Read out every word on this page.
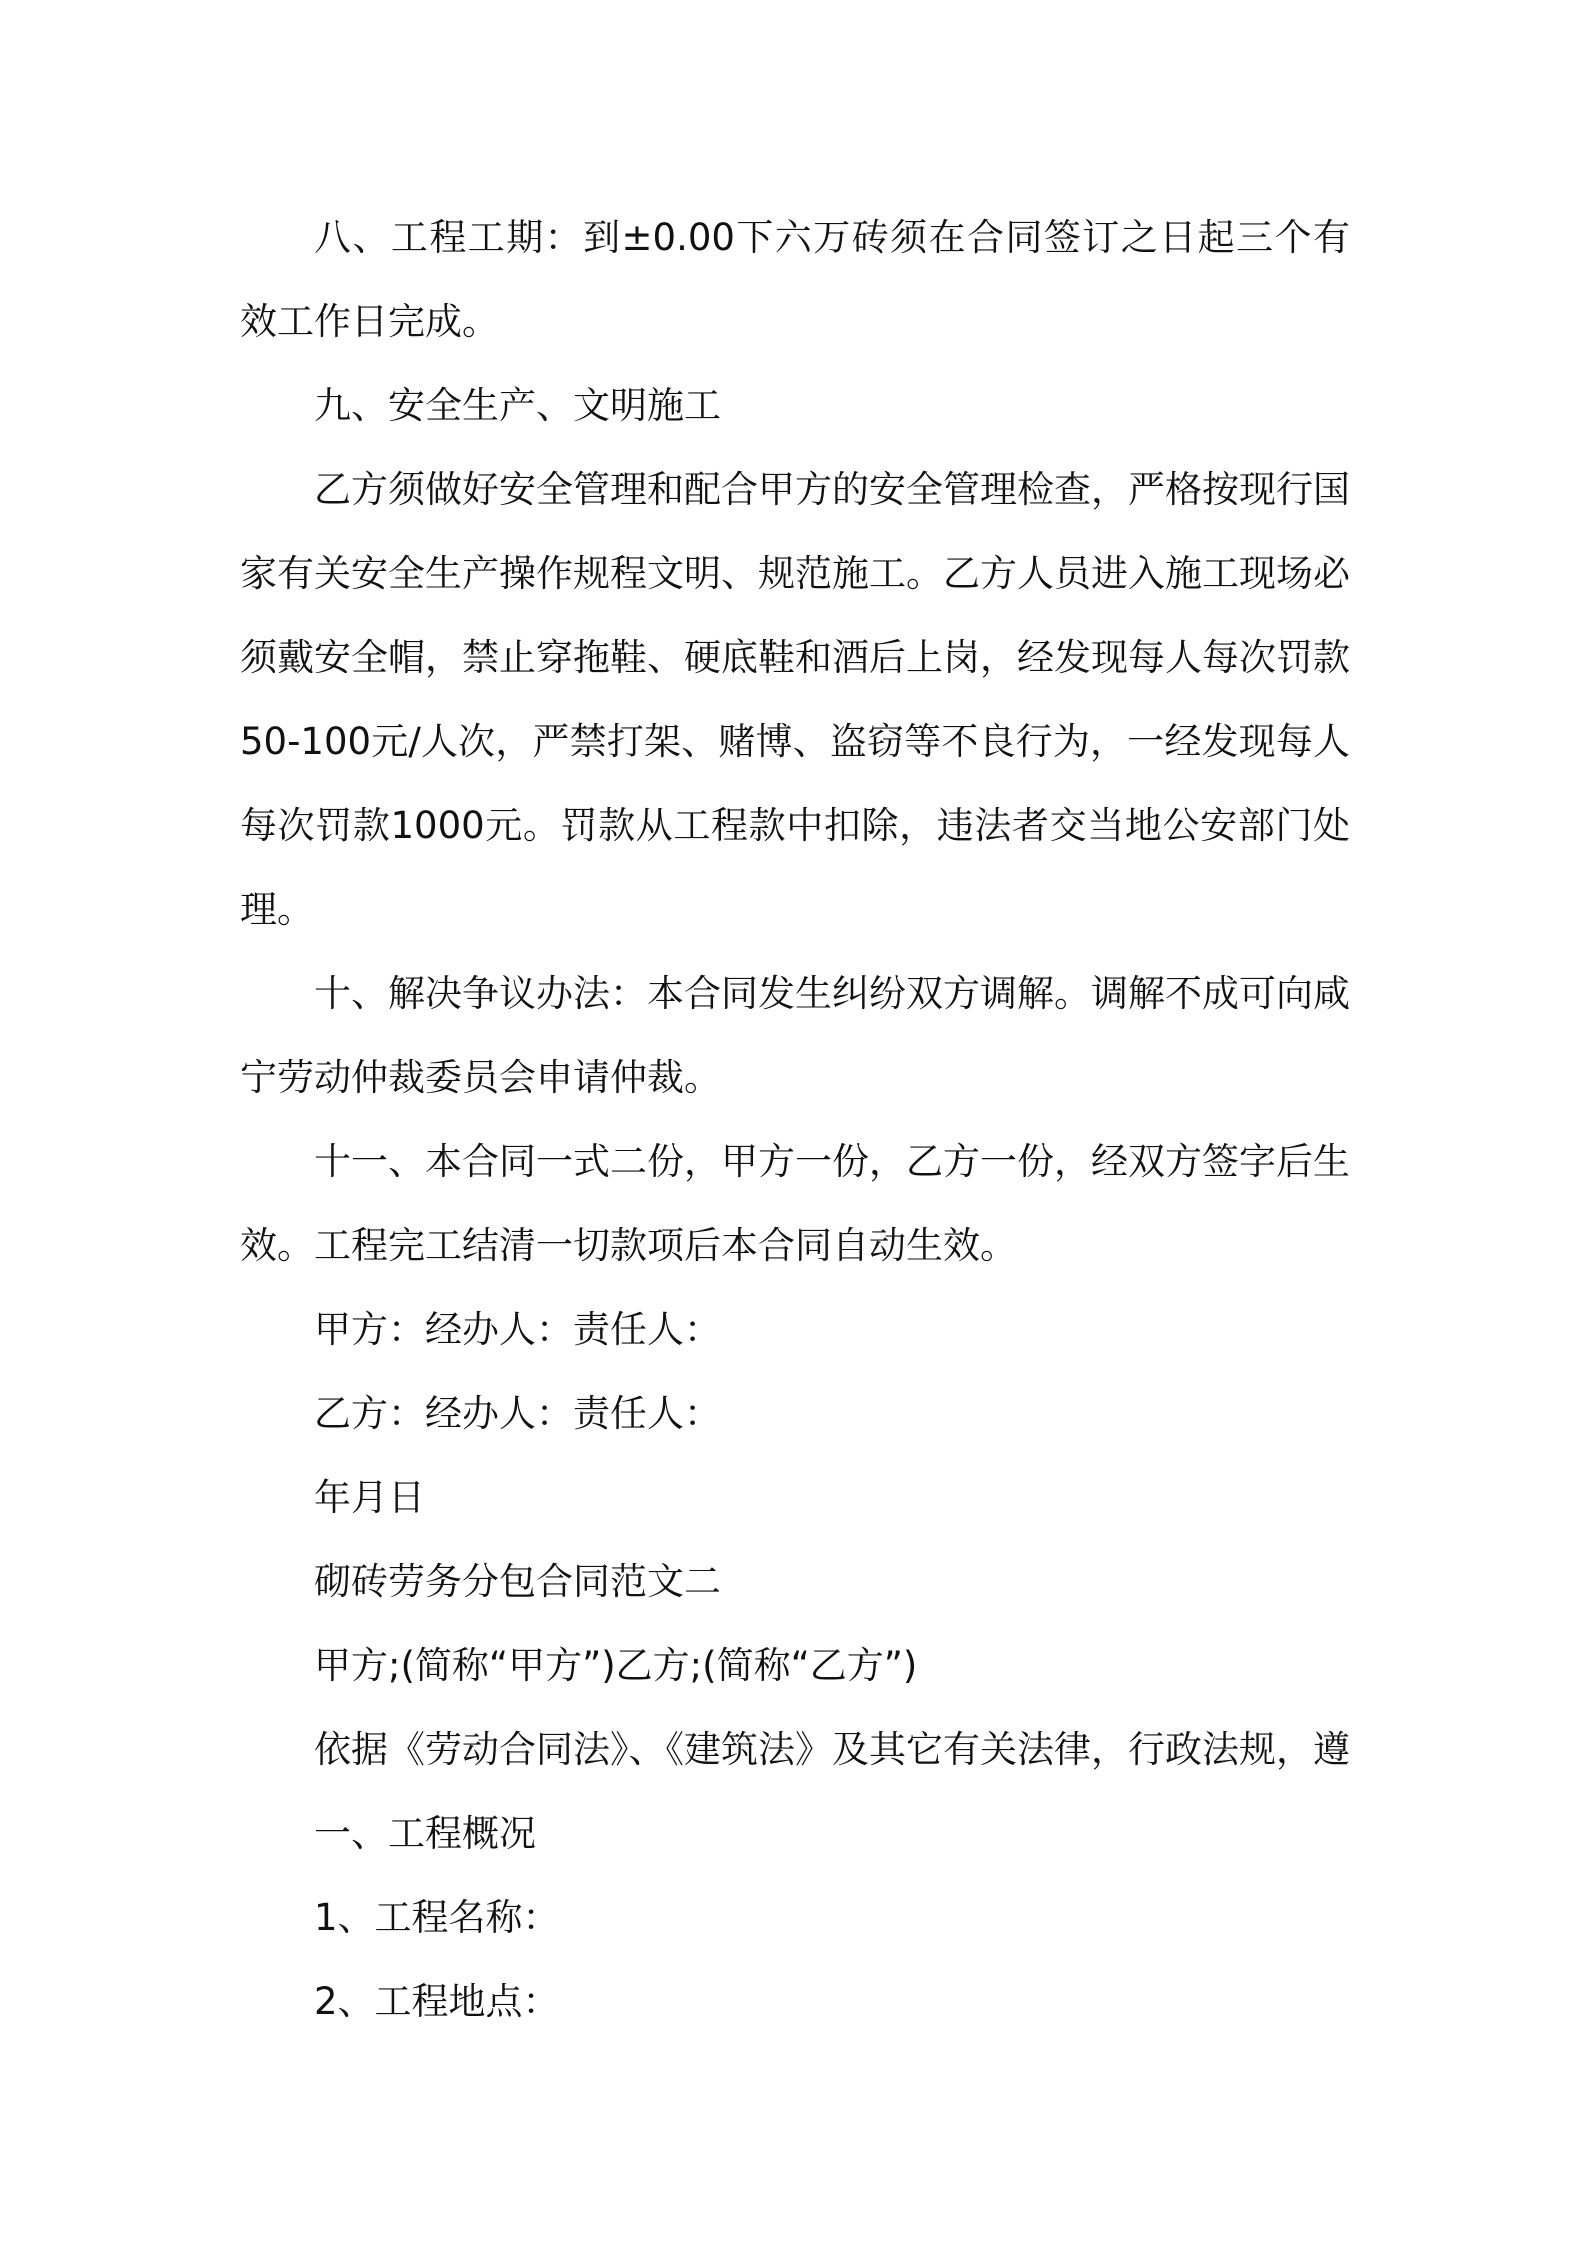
八、工程工期：到±0.00下六万砖须在合同签订之日起三个有效工作日完成。

九、安全生产、文明施工

乙方须做好安全管理和配合甲方的安全管理检查，严格按现行国家有关安全生产操作规程文明、规范施工。乙方人员进入施工现场必须戴安全帽，禁止穿拖鞋、硬底鞋和酒后上岗，经发现每人每次罚款50-100元/人次，严禁打架、赌博、盗窃等不良行为，一经发现每人每次罚款1000元。罚款从工程款中扣除，违法者交当地公安部门处理。

十、解决争议办法：本合同发生纠纷双方调解。调解不成可向咸宁劳动仲裁委员会申请仲裁。

十一、本合同一式二份，甲方一份，乙方一份，经双方签字后生效。工程完工结清一切款项后本合同自动生效。

甲方：经办人：责任人：

乙方：经办人：责任人：

年月日

砌砖劳务分包合同范文二

甲方;(简称“甲方”)乙方;(简称“乙方”)

依据《劳动合同法》、《建筑法》及其它有关法律，行政法规，遵

一、工程概况

1、工程名称：

2、工程地点：
